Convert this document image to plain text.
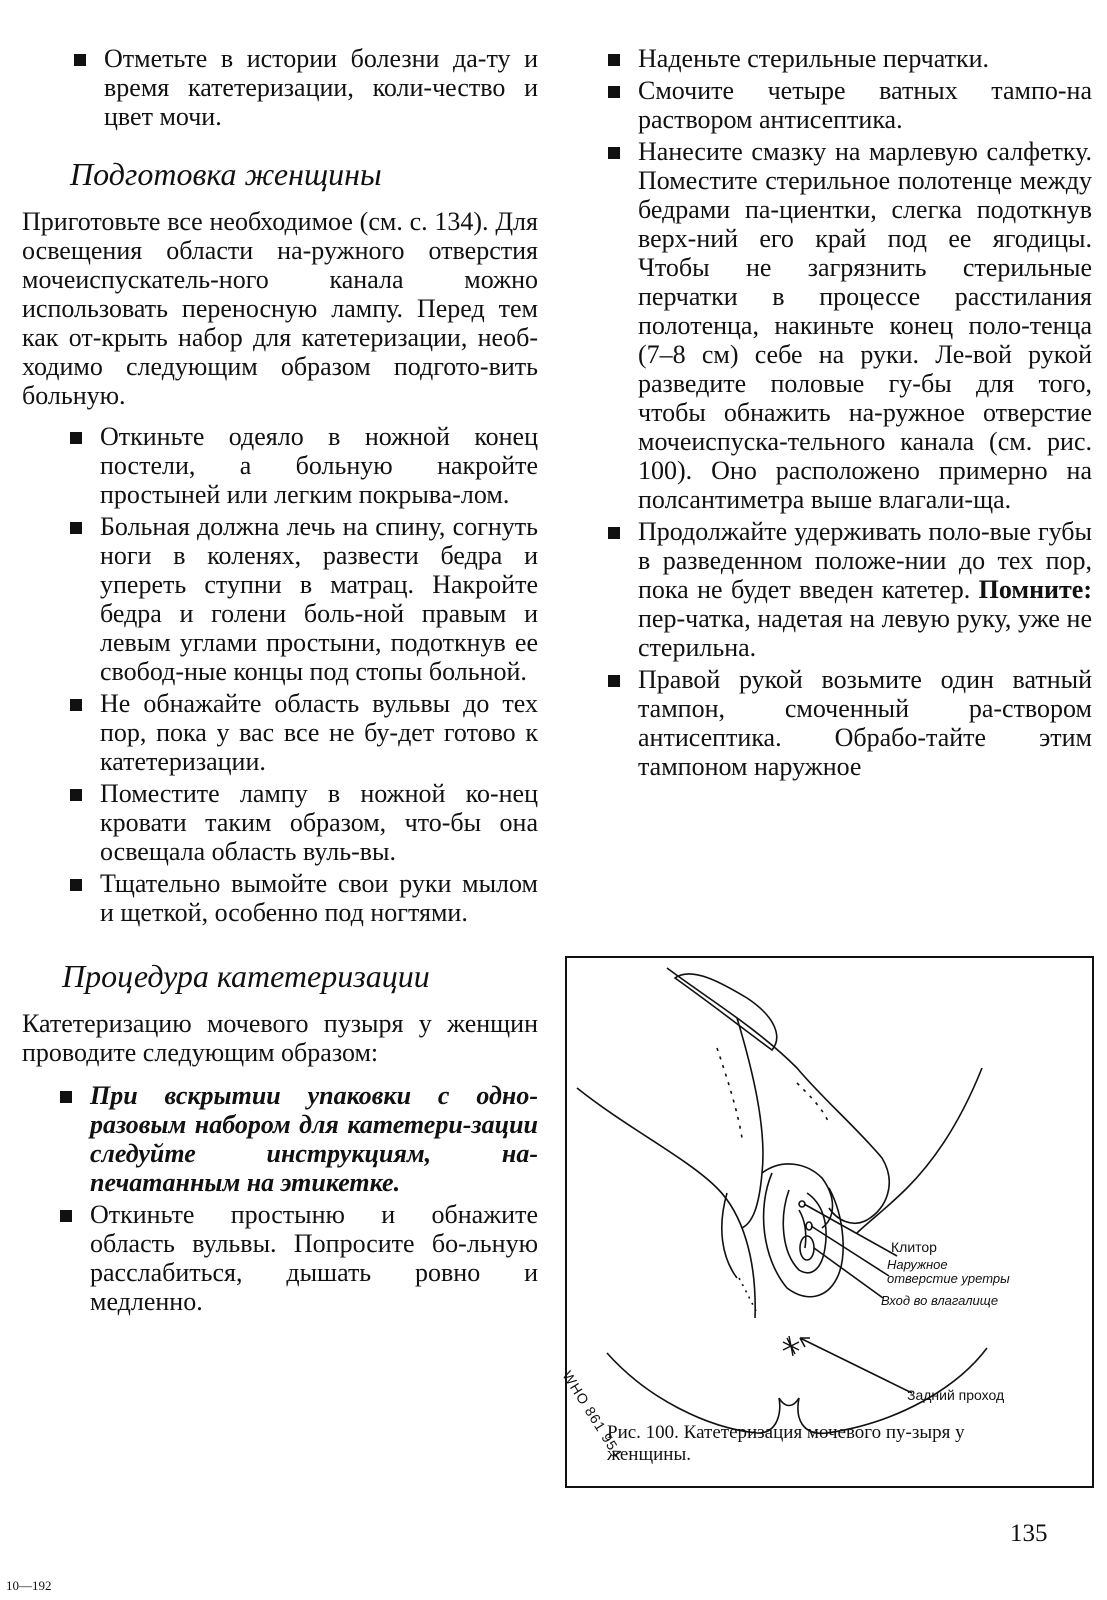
Отметьте в истории болезни да-ту и время катетеризации, коли-чество и цвет мочи.
Подготовка женщины

Приготовьте все необходимое (см. с. 134). Для освещения области на-ружного отверстия мочеиспускатель-ного канала можно использовать переносную лампу. Перед тем как от-крыть набор для катетеризации, необ-ходимо следующим образом подгото-вить больную.

Откиньте одеяло в ножной конец постели, а больную накройте простыней или легким покрыва-лом.
Больная должна лечь на спину, согнуть ноги в коленях, развести бедра и упереть ступни в матрац. Накройте бедра и голени боль-ной правым и левым углами простыни, подоткнув ее свобод-ные концы под стопы больной.
Не обнажайте область вульвы до тех пор, пока у вас все не бу-дет готово к катетеризации.
Поместите лампу в ножной ко-нец кровати таким образом, что-бы она освещала область вуль-вы.
Тщательно вымойте свои руки мылом и щеткой, особенно под ногтями.
Процедура катетеризации

Катетеризацию мочевого пузыря у женщин проводите следующим образом:

При вскрытии упаковки с одно-разовым набором для катетери-зации следуйте инструкциям, на-печатанным на этикетке.
Откиньте простыню и обнажите область вульвы. Попросите бо-льную расслабиться, дышать ровно и медленно.
Наденьте стерильные перчатки.
Смочите четыре ватных тампо-на раствором антисептика.
Нанесите смазку на марлевую салфетку. Поместите стерильное полотенце между бедрами па-циентки, слегка подоткнув верх-ний его край под ее ягодицы. Чтобы не загрязнить стерильные перчатки в процессе расстилания полотенца, накиньте конец поло-тенца (7–8 см) себе на руки. Ле-вой рукой разведите половые гу-бы для того, чтобы обнажить на-ружное отверстие мочеиспуска-тельного канала (см. рис. 100). Оно расположено примерно на полсантиметра выше влагали-ща.
Продолжайте удерживать поло-вые губы в разведенном положе-нии до тех пор, пока не будет введен катетер. Помните: пер-чатка, надетая на левую руку, уже не стерильна.
Правой рукой возьмите один ватный тампон, смоченный ра-створом антисептика. Обрабо-тайте этим тампоном наружное
Клитор
Наружное
отверстие уретры
Вход во влагалище
Задний проход
WHO 861 954
Рис. 100. Катетеризация мочевого пу-зыря у женщины.
135
10—192
